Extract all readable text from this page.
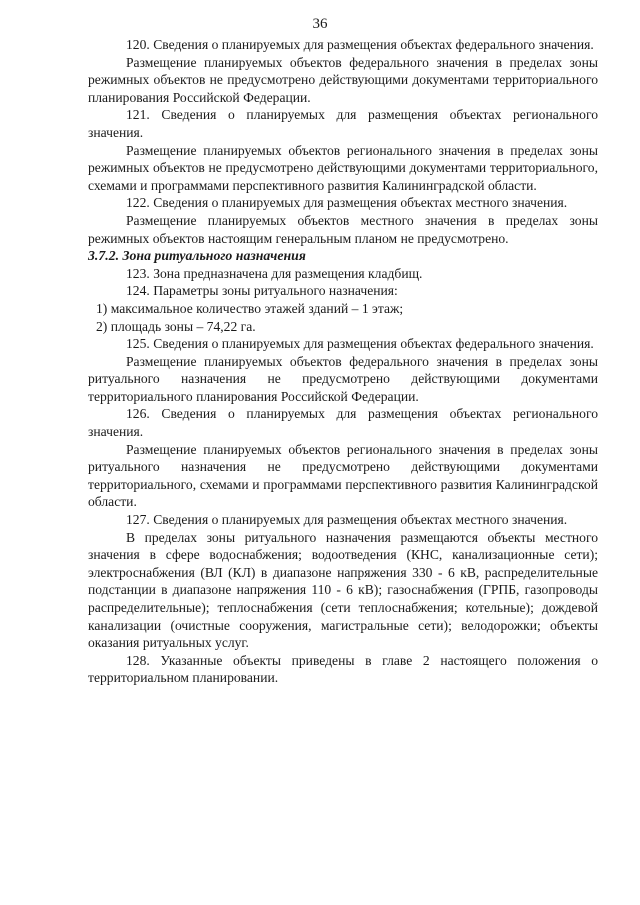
36

120. Сведения о планируемых для размещения объектах федерального значения.

Размещение планируемых объектов федерального значения в пределах зоны режимных объектов не предусмотрено действующими документами территориального планирования Российской Федерации.

121. Сведения о планируемых для размещения объектах регионального значения.

Размещение планируемых объектов регионального значения в пределах зоны режимных объектов не предусмотрено действующими документами территориального, схемами и программами перспективного развития Калининградской области.

122. Сведения о планируемых для размещения объектах местного значения.

Размещение планируемых объектов местного значения в пределах зоны режимных объектов настоящим генеральным планом не предусмотрено.

3.7.2. Зона ритуального назначения

123. Зона предназначена для размещения кладбищ.

124. Параметры зоны ритуального назначения:

1) максимальное количество этажей зданий – 1 этаж;

2) площадь зоны – 74,22 га.

125. Сведения о планируемых для размещения объектах федерального значения.

Размещение планируемых объектов федерального значения в пределах зоны ритуального назначения не предусмотрено действующими документами территориального планирования Российской Федерации.

126. Сведения о планируемых для размещения объектах регионального значения.

Размещение планируемых объектов регионального значения в пределах зоны ритуального назначения не предусмотрено действующими документами территориального, схемами и программами перспективного развития Калининградской области.

127. Сведения о планируемых для размещения объектах местного значения.

В пределах зоны ритуального назначения размещаются объекты местного значения в сфере водоснабжения; водоотведения (КНС, канализационные сети); электроснабжения (ВЛ (КЛ) в диапазоне напряжения 330 - 6 кВ, распределительные подстанции в диапазоне напряжения 110 - 6 кВ); газоснабжения (ГРПБ, газопроводы распределительные); теплоснабжения (сети теплоснабжения; котельные); дождевой канализации (очистные сооружения, магистральные сети); велодорожки; объекты оказания ритуальных услуг.

128. Указанные объекты приведены в главе 2 настоящего положения о территориальном планировании.
